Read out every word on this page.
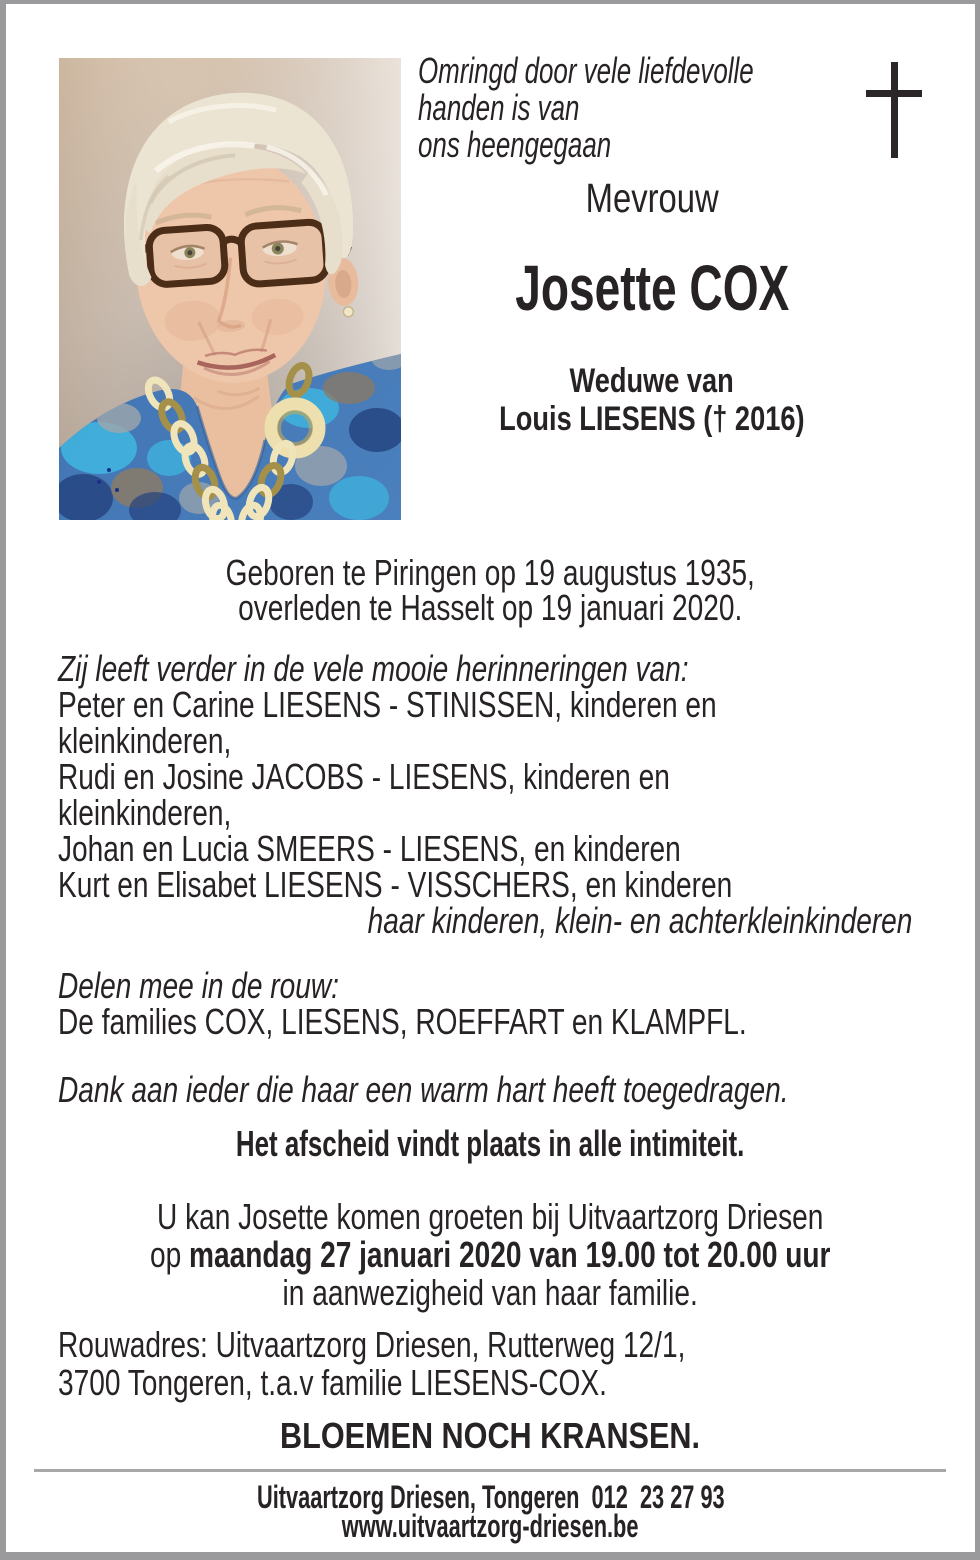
Omringd door vele liefdevolle
handen is van
ons heengegaan
Mevrouw
Josette COX
Weduwe van
Louis LIESENS († 2016)
Geboren te Piringen op 19 augustus 1935,
overleden te Hasselt op 19 januari 2020.
Zij leeft verder in de vele mooie herinneringen van:
Peter en Carine LIESENS - STINISSEN, kinderen en
kleinkinderen,
Rudi en Josine JACOBS - LIESENS, kinderen en
kleinkinderen,
Johan en Lucia SMEERS - LIESENS, en kinderen
Kurt en Elisabet LIESENS - VISSCHERS, en kinderen
haar kinderen, klein- en achterkleinkinderen
Delen mee in de rouw:
De families COX, LIESENS, ROEFFART en KLAMPFL.
Dank aan ieder die haar een warm hart heeft toegedragen.
Het afscheid vindt plaats in alle intimiteit.
U kan Josette komen groeten bij Uitvaartzorg Driesen
op maandag 27 januari 2020 van 19.00 tot 20.00 uur
in aanwezigheid van haar familie.
Rouwadres: Uitvaartzorg Driesen, Rutterweg 12/1,
3700 Tongeren, t.a.v familie LIESENS-COX.
BLOEMEN NOCH KRANSEN.
Uitvaartzorg Driesen, Tongeren  012  23 27 93
www.uitvaartzorg-driesen.be
